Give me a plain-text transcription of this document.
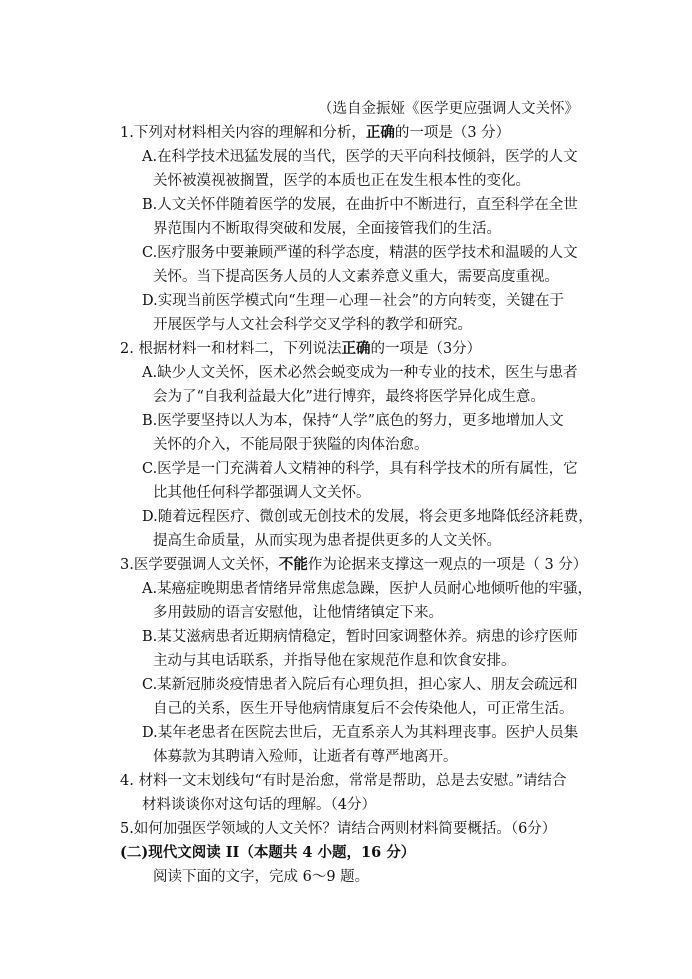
（选自金振娅《医学更应强调人文关怀》
1.下列对材料相关内容的理解和分析，正确的一项是（3 分）
A.在科学技术迅猛发展的当代，医学的天平向科技倾斜，医学的人文
关怀被漠视被搁置，医学的本质也正在发生根本性的变化。
B.人文关怀伴随着医学的发展，在曲折中不断进行，直至科学在全世
界范围内不断取得突破和发展，全面接管我们的生活。
C.医疗服务中要兼顾严谨的科学态度，精湛的医学技术和温暖的人文
关怀。当下提高医务人员的人文素养意义重大，需要高度重视。
D.实现当前医学模式向“生理－心理－社会”的方向转变，关键在于
开展医学与人文社会科学交叉学科的教学和研究。
2. 根据材料一和材料二，下列说法正确的一项是（3分）
A.缺少人文关怀，医术必然会蜕变成为一种专业的技术，医生与患者
会为了“自我利益最大化”进行博弈，最终将医学异化成生意。
B.医学要坚持以人为本，保持“人学”底色的努力，更多地增加人文
关怀的介入，不能局限于狭隘的肉体治愈。
C.医学是一门充满着人文精神的科学，具有科学技术的所有属性，它
比其他任何科学都强调人文关怀。
D.随着远程医疗、微创或无创技术的发展，将会更多地降低经济耗费，
提高生命质量，从而实现为患者提供更多的人文关怀。
3.医学要强调人文关怀，不能作为论据来支撑这一观点的一项是（ 3 分）
A.某癌症晚期患者情绪异常焦虑急躁，医护人员耐心地倾听他的牢骚，
多用鼓励的语言安慰他，让他情绪镇定下来。
B.某艾滋病患者近期病情稳定，暂时回家调整休养。病患的诊疗医师
主动与其电话联系，并指导他在家规范作息和饮食安排。
C.某新冠肺炎疫情患者入院后有心理负担，担心家人、朋友会疏远和
自己的关系，医生开导他病情康复后不会传染他人，可正常生活。
D.某年老患者在医院去世后，无直系亲人为其料理丧事。医护人员集
体募款为其聘请入殓师，让逝者有尊严地离开。
4. 材料一文末划线句“有时是治愈，常常是帮助，总是去安慰。”请结合
材料谈谈你对这句话的理解。（4分）
5.如何加强医学领域的人文关怀？请结合两则材料简要概括。（6分）
(二)现代文阅读 II（本题共 4 小题，16 分）
阅读下面的文字，完成 6～9 题。
